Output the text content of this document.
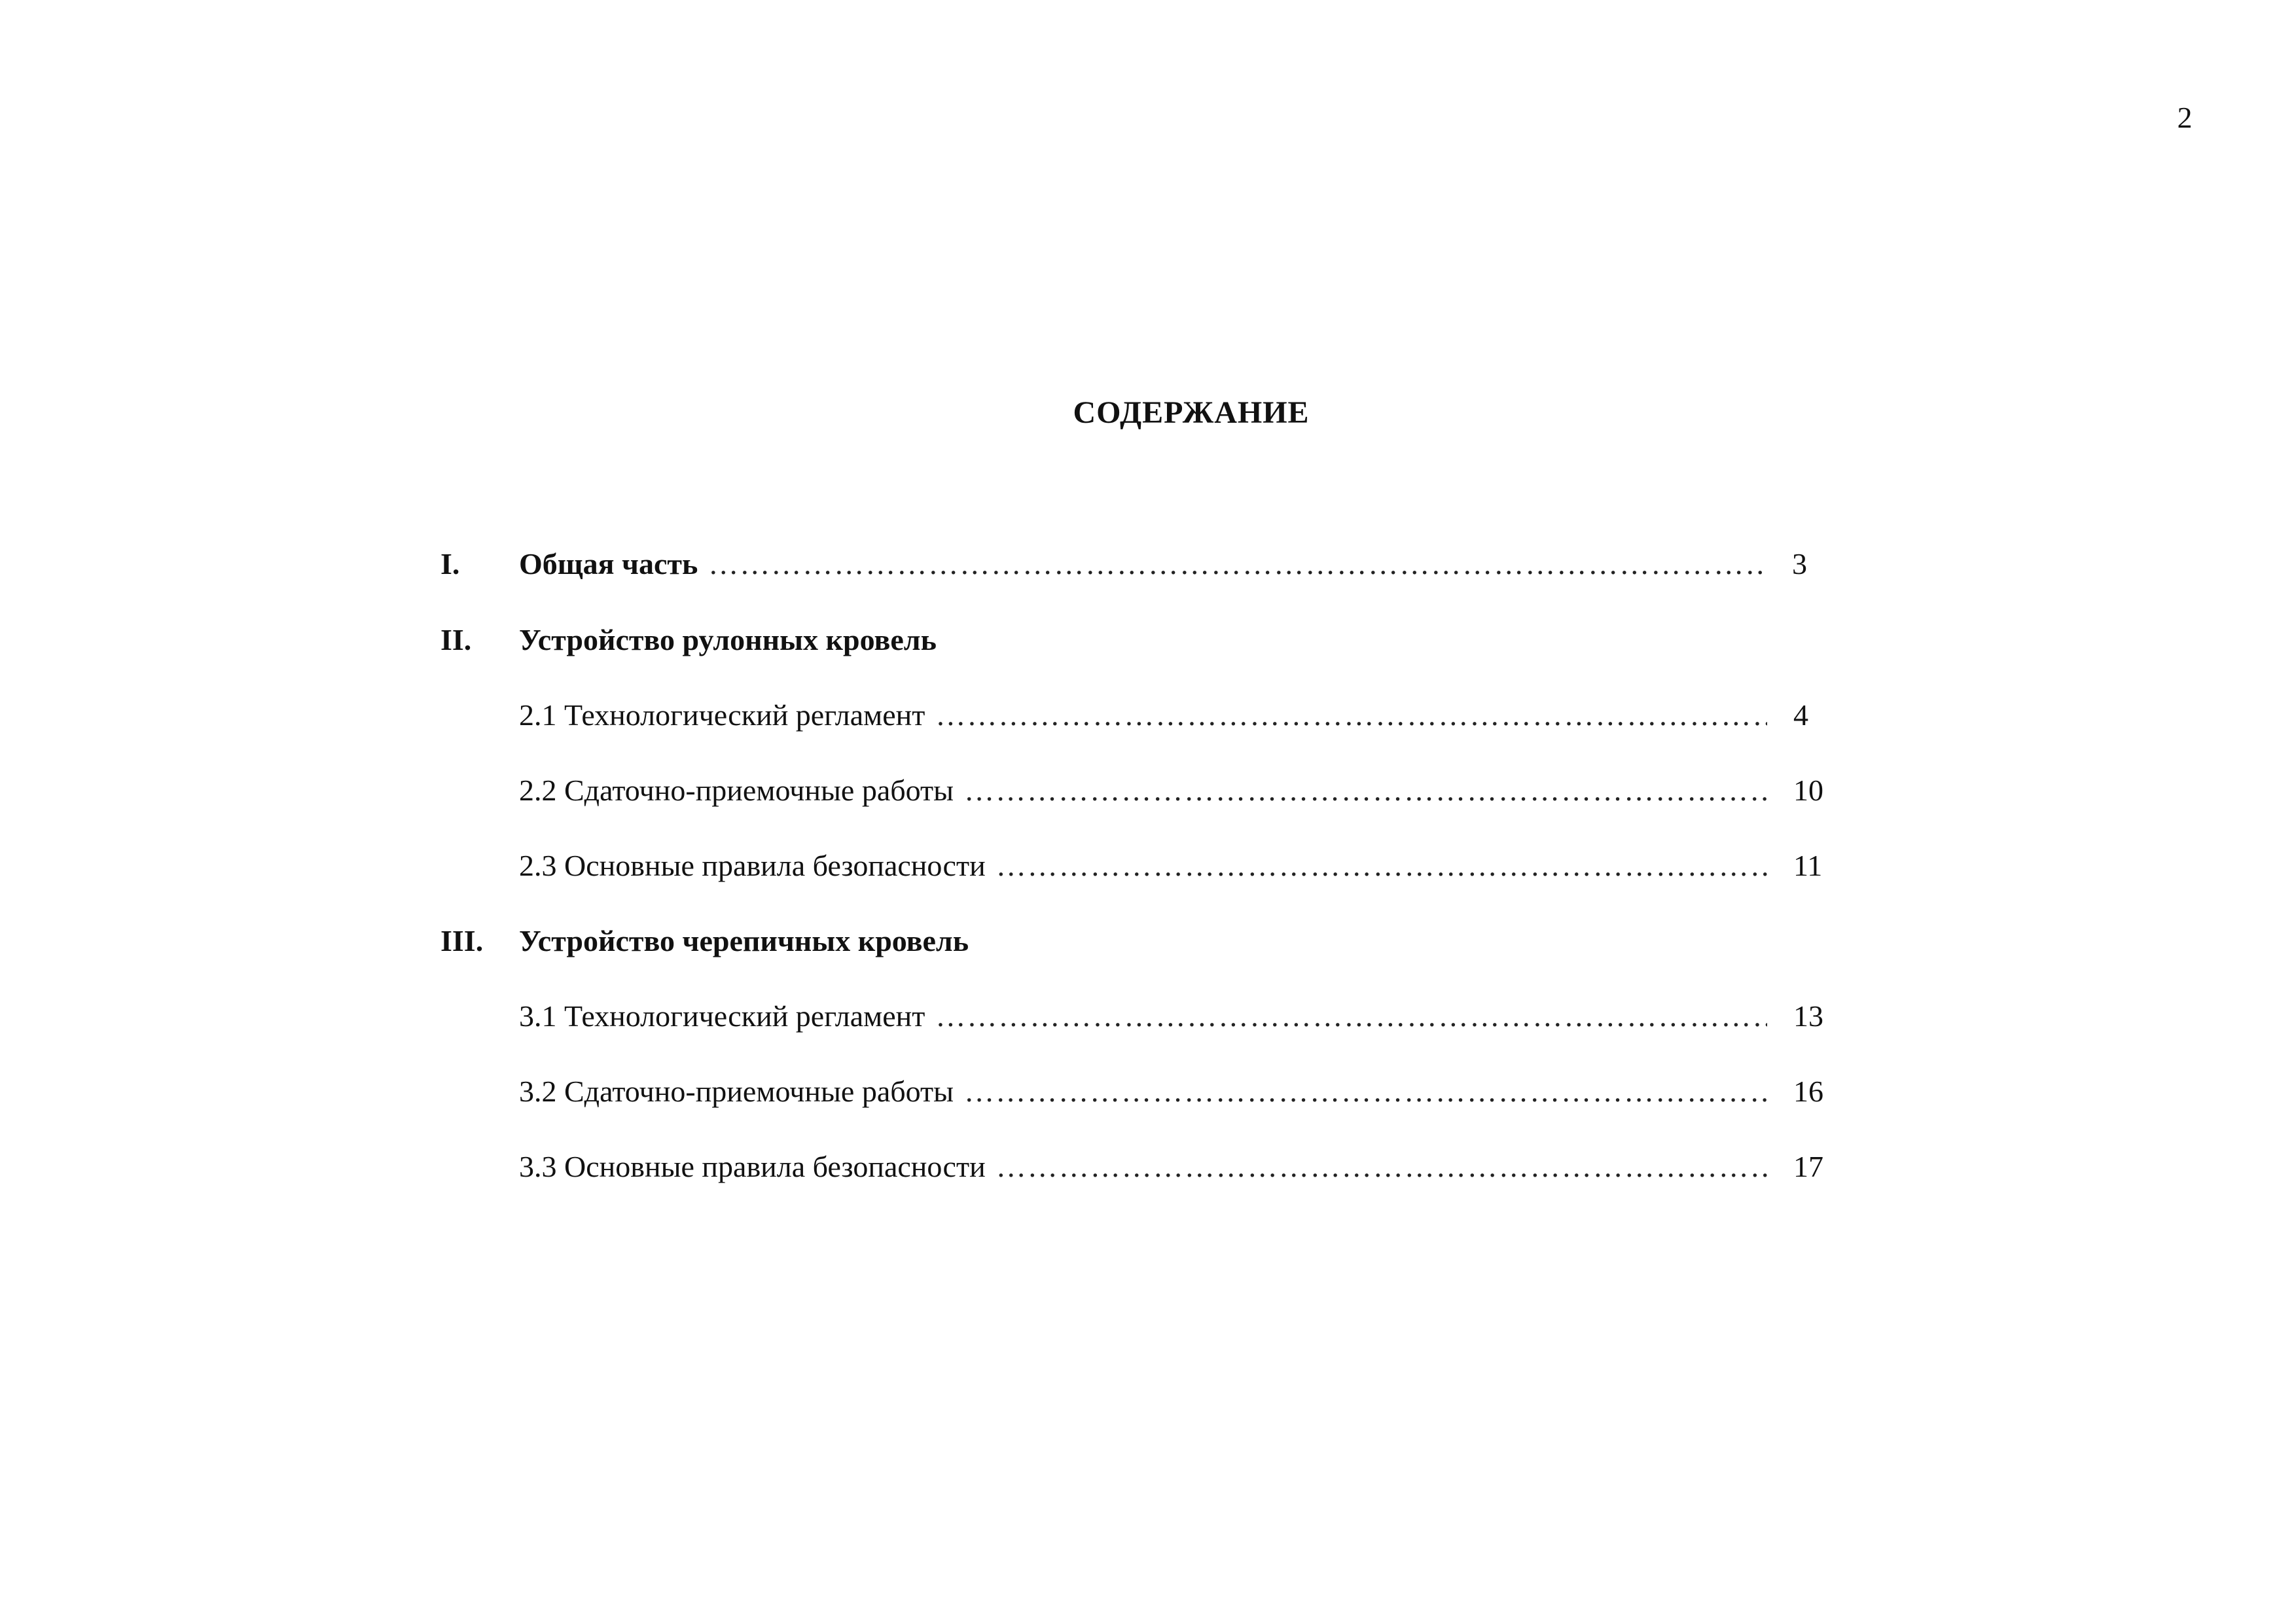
2
СОДЕРЖАНИЕ
I. Общая часть …………………………………………………………………………………………………………………………………………………………………………………………………………………………	3
II. Устройство рулонных кровель
2.1 Технологический регламент …………………………………………………………………………………………………………………………………………………………………………………………………………………………	4
2.2 Сдаточно-приемочные работы …………………………………………………………………………………………………………………………………………………………………………………………………………………………	10
2.3 Основные правила безопасности …………………………………………………………………………………………………………………………………………………………………………………………………………………………	11
III. Устройство черепичных кровель
3.1 Технологический регламент …………………………………………………………………………………………………………………………………………………………………………………………………………………………	13
3.2 Сдаточно-приемочные работы …………………………………………………………………………………………………………………………………………………………………………………………………………………………	16
3.3 Основные правила безопасности …………………………………………………………………………………………………………………………………………………………………………………………………………………………	17
